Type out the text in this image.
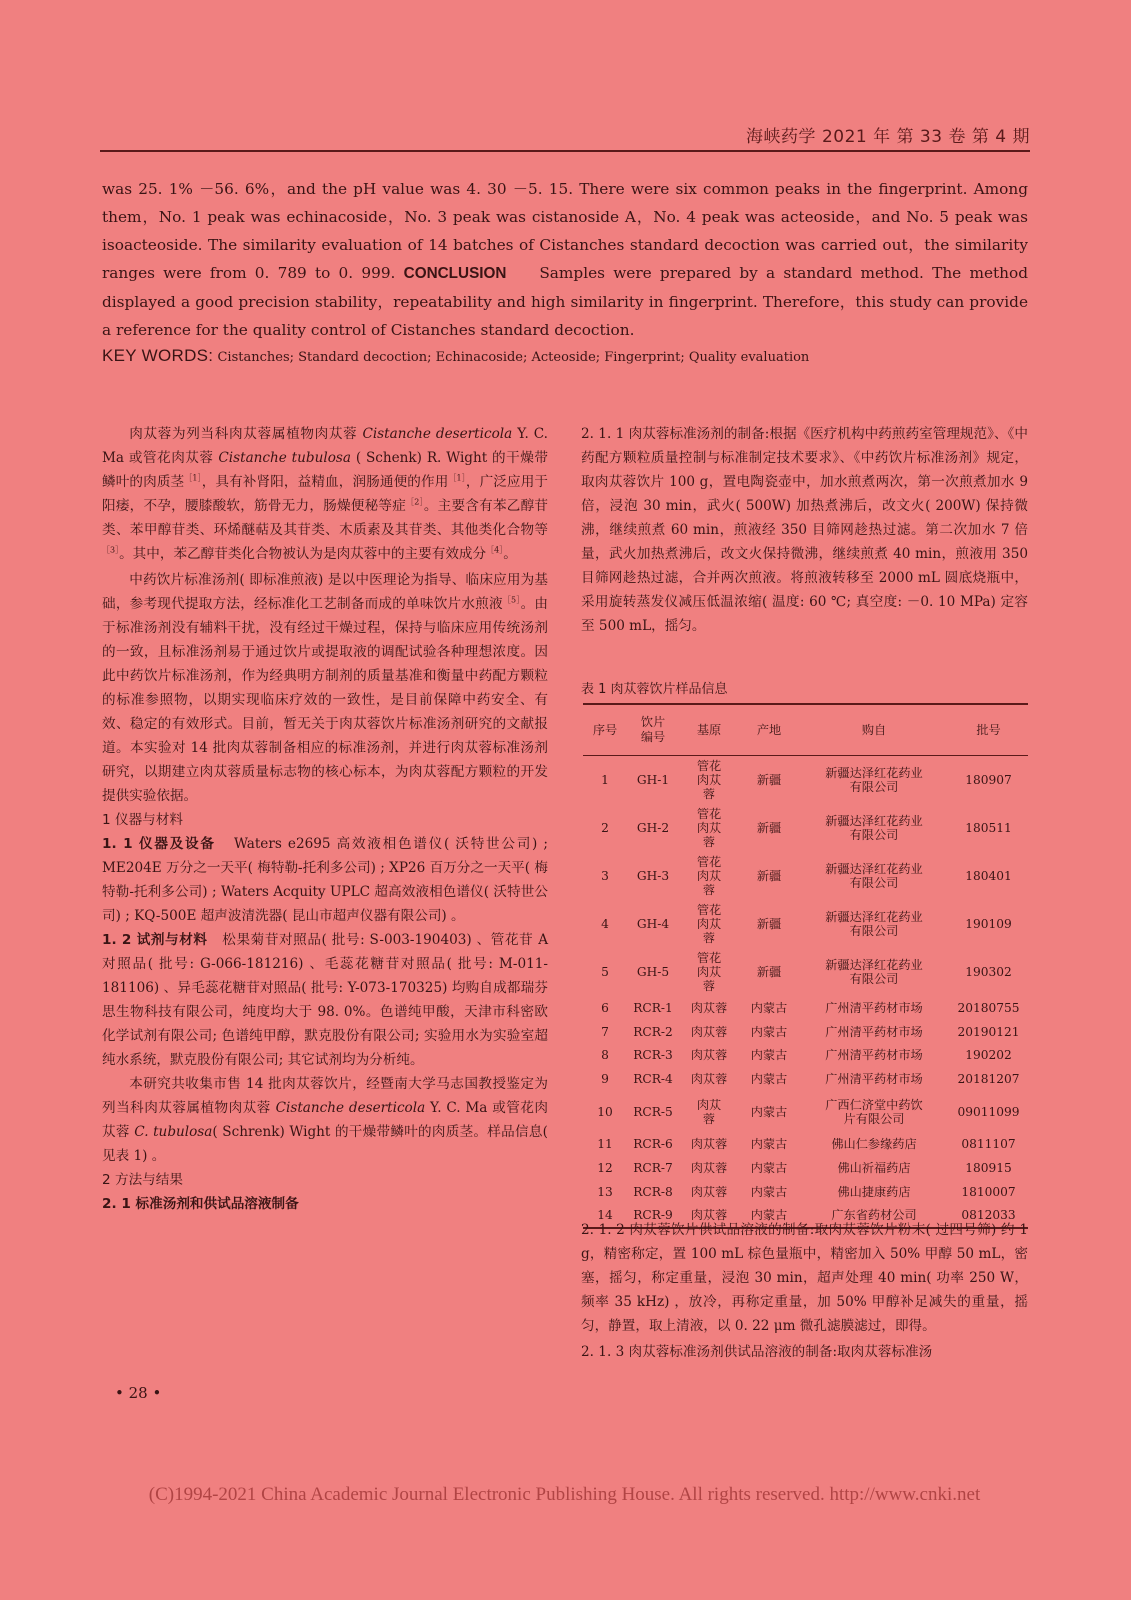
海峡药学 2021 年 第 33 卷 第 4 期
was 25. 1% －56. 6%，and the pH value was 4. 30 －5. 15. There were six common peaks in the fingerprint. Among them，No. 1 peak was echinacoside，No. 3 peak was cistanoside A，No. 4 peak was acteoside，and No. 5 peak was isoacteoside. The similarity evaluation of 14 batches of Cistanches standard decoction was carried out，the similarity ranges were from 0. 789 to 0. 999. CONCLUSION Samples were prepared by a standard method. The method displayed a good precision stability，repeatability and high similarity in fingerprint. Therefore，this study can provide a reference for the quality control of Cistanches standard decoction.
KEY WORDS: Cistanches; Standard decoction; Echinacoside; Acteoside; Fingerprint; Quality evaluation

肉苁蓉为列当科肉苁蓉属植物肉苁蓉 Cistanche deserticola Y. C. Ma 或管花肉苁蓉 Cistanche tubulosa ( Schenk) R. Wight 的干燥带鳞叶的肉质茎$^{[1]}$，具有补肾阳，益精血，润肠通便的作用$^{[1]}$，广泛应用于阳痿，不孕，腰膝酸软，筋骨无力，肠燥便秘等症$^{[2]}$。主要含有苯乙醇苷类、苯甲醇苷类、环烯醚萜及其苷类、木质素及其苷类、其他类化合物等$^{[3]}$。其中，苯乙醇苷类化合物被认为是肉苁蓉中的主要有效成分$^{[4]}$。

中药饮片标准汤剂( 即标准煎液) 是以中医理论为指导、临床应用为基础，参考现代提取方法，经标准化工艺制备而成的单味饮片水煎液$^{[5]}$。由于标准汤剂没有辅料干扰，没有经过干燥过程，保持与临床应用传统汤剂的一致，且标准汤剂易于通过饮片或提取液的调配试验各种理想浓度。因此中药饮片标准汤剂，作为经典明方制剂的质量基准和衡量中药配方颗粒的标准参照物，以期实现临床疗效的一致性，是目前保障中药安全、有效、稳定的有效形式。目前，暂无关于肉苁蓉饮片标准汤剂研究的文献报道。本实验对 14 批肉苁蓉制备相应的标准汤剂，并进行肉苁蓉标准汤剂研究，以期建立肉苁蓉质量标志物的核心标本，为肉苁蓉配方颗粒的开发提供实验依据。

1 仪器与材料

1. 1 仪器及设备 Waters e2695 高效液相色谱仪( 沃特世公司) ; ME204E 万分之一天平( 梅特勒-托利多公司) ; XP26 百万分之一天平( 梅特勒-托利多公司) ; Waters Acquity UPLC 超高效液相色谱仪( 沃特世公司) ; KQ-500E 超声波清洗器( 昆山市超声仪器有限公司) 。

1. 2 试剂与材料 松果菊苷对照品( 批号: S-003-190403) 、管花苷 A 对照品( 批号: G-066-181216) 、毛蕊花糖苷对照品( 批号: M-011-181106) 、异毛蕊花糖苷对照品( 批号: Y-073-170325) 均购自成都瑞芬思生物科技有限公司，纯度均大于 98. 0%。色谱纯甲酸，天津市科密欧化学试剂有限公司; 色谱纯甲醇，默克股份有限公司; 实验用水为实验室超纯水系统，默克股份有限公司; 其它试剂均为分析纯。

本研究共收集市售 14 批肉苁蓉饮片，经暨南大学马志国教授鉴定为列当科肉苁蓉属植物肉苁蓉 Cistanche deserticola Y. C. Ma 或管花肉苁蓉 C. tubulosa( Schrenk) Wight 的干燥带鳞叶的肉质茎。样品信息( 见表 1) 。

2 方法与结果

2. 1 标准汤剂和供试品溶液制备

2. 1. 1 肉苁蓉标准汤剂的制备:根据《医疗机构中药煎药室管理规范》、《中药配方颗粒质量控制与标准制定技术要求》、《中药饮片标准汤剂》规定，取肉苁蓉饮片 100 g，置电陶瓷壶中，加水煎煮两次，第一次煎煮加水 9 倍，浸泡 30 min，武火( 500W) 加热煮沸后，改文火( 200W) 保持微沸，继续煎煮 60 min，煎液经 350 目筛网趁热过滤。第二次加水 7 倍量，武火加热煮沸后，改文火保持微沸，继续煎煮 40 min，煎液用 350 目筛网趁热过滤，合并两次煎液。将煎液转移至 2000 mL 圆底烧瓶中，采用旋转蒸发仪减压低温浓缩( 温度: 60 ℃; 真空度: －0. 10 MPa) 定容至 500 mL，摇匀。

表 1 肉苁蓉饮片样品信息
序号	饮片编号	基原	产地	购自	批号
1	GH-1	管花肉苁蓉	新疆	新疆达泽红花药业有限公司	180907
2	GH-2	管花肉苁蓉	新疆	新疆达泽红花药业有限公司	180511
3	GH-3	管花肉苁蓉	新疆	新疆达泽红花药业有限公司	180401
4	GH-4	管花肉苁蓉	新疆	新疆达泽红花药业有限公司	190109
5	GH-5	管花肉苁蓉	新疆	新疆达泽红花药业有限公司	190302
6	RCR-1	肉苁蓉	内蒙古	广州清平药材市场	20180755
7	RCR-2	肉苁蓉	内蒙古	广州清平药材市场	20190121
8	RCR-3	肉苁蓉	内蒙古	广州清平药材市场	190202
9	RCR-4	肉苁蓉	内蒙古	广州清平药材市场	20181207
10	RCR-5	肉苁蓉	内蒙古	广西仁济堂中药饮片有限公司	09011099
11	RCR-6	肉苁蓉	内蒙古	佛山仁参缘药店	0811107
12	RCR-7	肉苁蓉	内蒙古	佛山祈福药店	180915
13	RCR-8	肉苁蓉	内蒙古	佛山捷康药店	1810007
14	RCR-9	肉苁蓉	内蒙古	广东省药材公司	0812033

2. 1. 2 肉苁蓉饮片供试品溶液的制备:取肉苁蓉饮片粉末( 过四号筛) 约 1 g，精密称定，置 100 mL 棕色量瓶中，精密加入 50% 甲醇 50 mL，密塞，摇匀，称定重量，浸泡 30 min，超声处理 40 min( 功率 250 W，频率 35 kHz) ，放冷，再称定重量，加 50% 甲醇补足减失的重量，摇匀，静置，取上清液，以 0. 22 μm 微孔滤膜滤过，即得。

2. 1. 3 肉苁蓉标准汤剂供试品溶液的制备:取肉苁蓉标准汤

• 28 •
(C)1994-2021 China Academic Journal Electronic Publishing House. All rights reserved. http://www.cnki.net
